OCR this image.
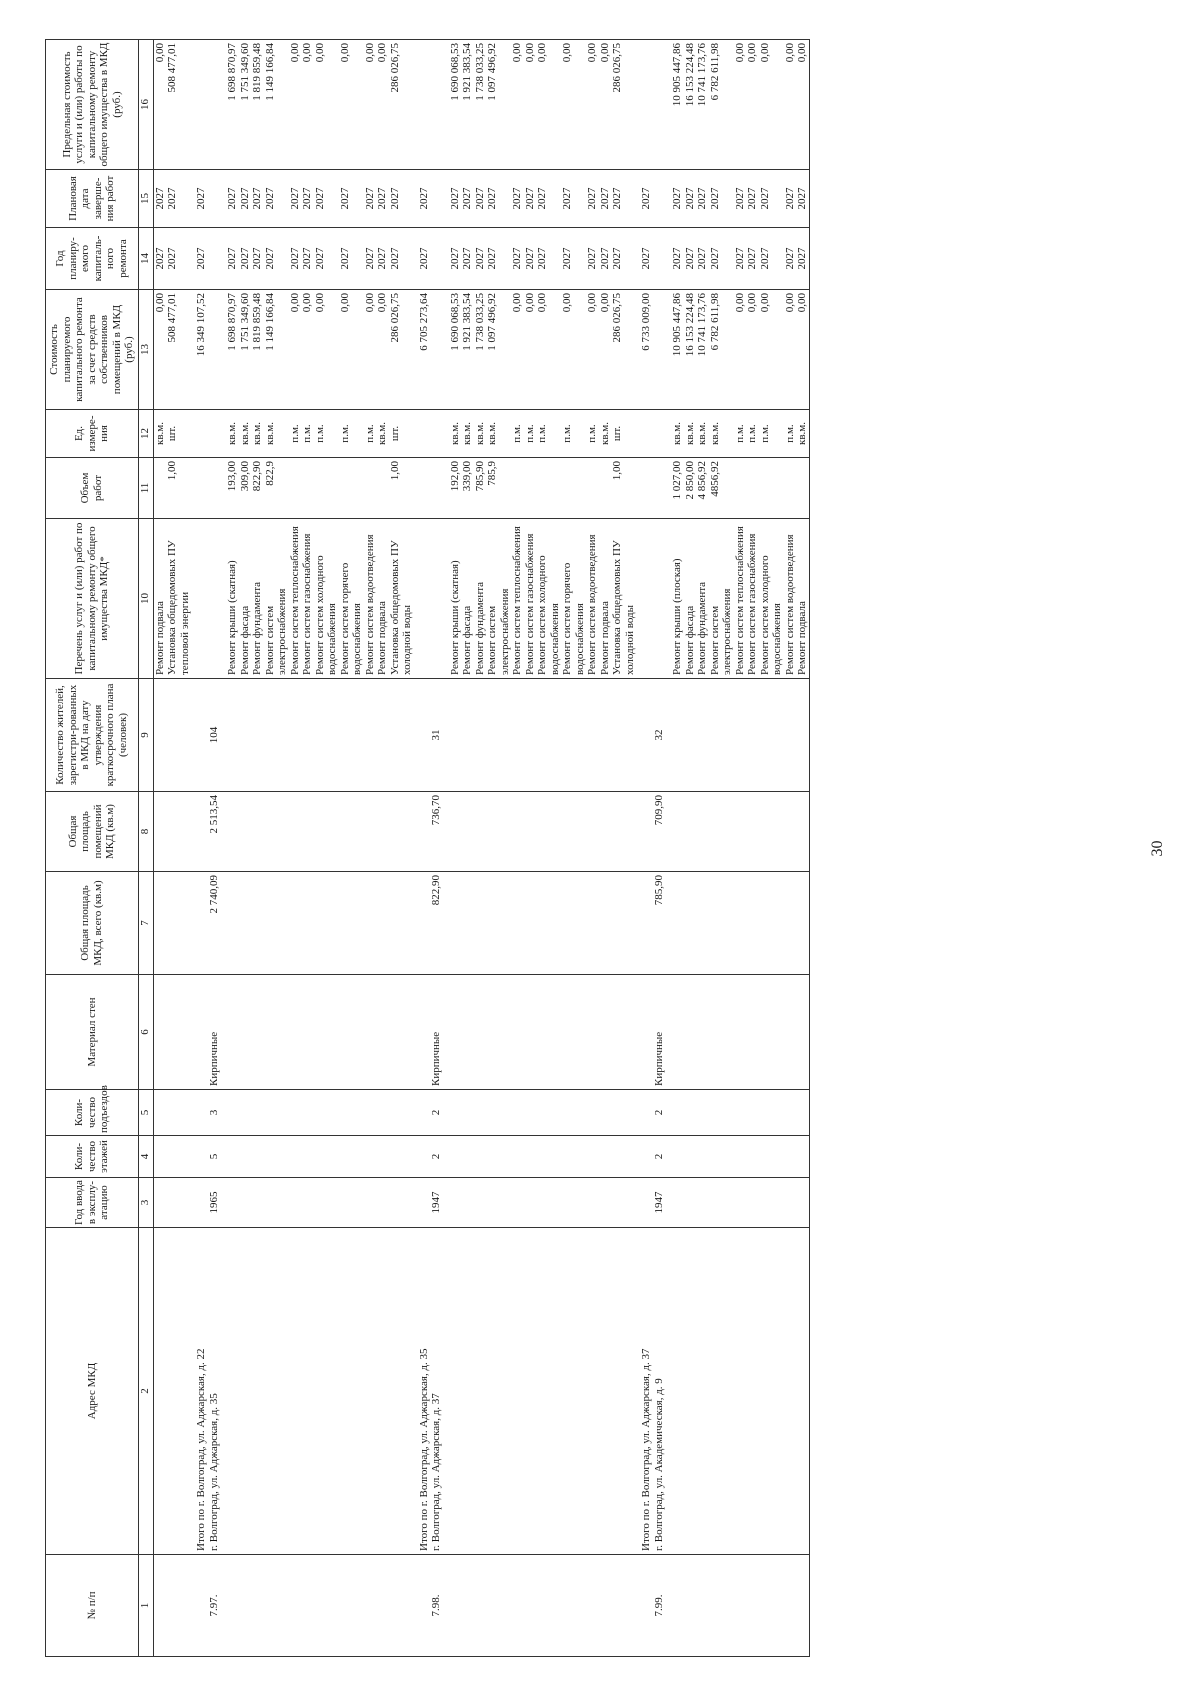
30
№ п/п	Адрес МКД	Год ввода в эксплу-атацию	Коли-чество этажей	Коли-чество подъездов	Материал стен	Общая площадь МКД, всего (кв.м)	Общая площадь помещений МКД (кв.м)	Количество жителей, зарегистри-рованных в МКД на дату утверждения краткосрочного плана (человек)	Перечень услуг и (или) работ по капитальному ремонту общего имущества МКД*	Объем работ	Ед. измере-ния	Стоимость планируемого капитального ремонта за счет средств собственников помещений в МКД (руб.)	Год планиру-емого капиталь-ного ремонта	Плановая дата заверше-ния работ	Предельная стоимость услуги и (или) работы по капитальному ремонту общего имущества в МКД (руб.)
1	2	3	4	5	6	7	8	9	10	11	12	13	14	15	16
									Ремонт подвала		кв.м.	0,00	2027	2027	0,00
									Установка общедомовых ПУ тепловой энергии	1,00	шт.	508 477,01	2027	2027	508 477,01
	Итого по г. Волгоград, ул. Аджарская, д. 22											16 349 107,52	2027	2027	
7.97.	г. Волгоград, ул. Аджарская, д. 35	1965	5	3	Кирпичные	2 740,09	2 513,54	104							
									Ремонт крыши (скатная)	193,00	кв.м.	1 698 870,97	2027	2027	1 698 870,97
									Ремонт фасада	309,00	кв.м.	1 751 349,60	2027	2027	1 751 349,60
									Ремонт фундамента	822,90	кв.м.	1 819 859,48	2027	2027	1 819 859,48
									Ремонт систем электроснабжения	822,9	кв.м.	1 149 166,84	2027	2027	1 149 166,84
									Ремонт систем теплоснабжения		п.м.	0,00	2027	2027	0,00
									Ремонт систем газоснабжения		п.м.	0,00	2027	2027	0,00
									Ремонт систем холодного водоснабжения		п.м.	0,00	2027	2027	0,00
									Ремонт систем горячего водоснабжения		п.м.	0,00	2027	2027	0,00
									Ремонт систем водоотведения		п.м.	0,00	2027	2027	0,00
									Ремонт подвала		кв.м.	0,00	2027	2027	0,00
									Установка общедомовых ПУ холодной воды	1,00	шт.	286 026,75	2027	2027	286 026,75
	Итого по г. Волгоград, ул. Аджарская, д. 35											6 705 273,64	2027	2027	
7.98.	г. Волгоград, ул. Аджарская, д. 37	1947	2	2	Кирпичные	822,90	736,70	31							
									Ремонт крыши (скатная)	192,00	кв.м.	1 690 068,53	2027	2027	1 690 068,53
									Ремонт фасада	339,00	кв.м.	1 921 383,54	2027	2027	1 921 383,54
									Ремонт фундамента	785,90	кв.м.	1 738 033,25	2027	2027	1 738 033,25
									Ремонт систем электроснабжения	785,9	кв.м.	1 097 496,92	2027	2027	1 097 496,92
									Ремонт систем теплоснабжения		п.м.	0,00	2027	2027	0,00
									Ремонт систем газоснабжения		п.м.	0,00	2027	2027	0,00
									Ремонт систем холодного водоснабжения		п.м.	0,00	2027	2027	0,00
									Ремонт систем горячего водоснабжения		п.м.	0,00	2027	2027	0,00
									Ремонт систем водоотведения		п.м.	0,00	2027	2027	0,00
									Ремонт подвала		кв.м.	0,00	2027	2027	0,00
									Установка общедомовых ПУ холодной воды	1,00	шт.	286 026,75	2027	2027	286 026,75
	Итого по г. Волгоград, ул. Аджарская, д. 37											6 733 009,00	2027	2027	
7.99.	г. Волгоград, ул. Академическая, д. 9	1947	2	2	Кирпичные	785,90	709,90	32							
									Ремонт крыши (плоская)	1 027,00	кв.м.	10 905 447,86	2027	2027	10 905 447,86
									Ремонт фасада	2 850,00	кв.м.	16 153 224,48	2027	2027	16 153 224,48
									Ремонт фундамента	4 856,92	кв.м.	10 741 173,76	2027	2027	10 741 173,76
									Ремонт систем электроснабжения	4856,92	кв.м.	6 782 611,98	2027	2027	6 782 611,98
									Ремонт систем теплоснабжения		п.м.	0,00	2027	2027	0,00
									Ремонт систем газоснабжения		п.м.	0,00	2027	2027	0,00
									Ремонт систем холодного водоснабжения		п.м.	0,00	2027	2027	0,00
									Ремонт систем водоотведения		п.м.	0,00	2027	2027	0,00
									Ремонт подвала		кв.м.	0,00	2027	2027	0,00
